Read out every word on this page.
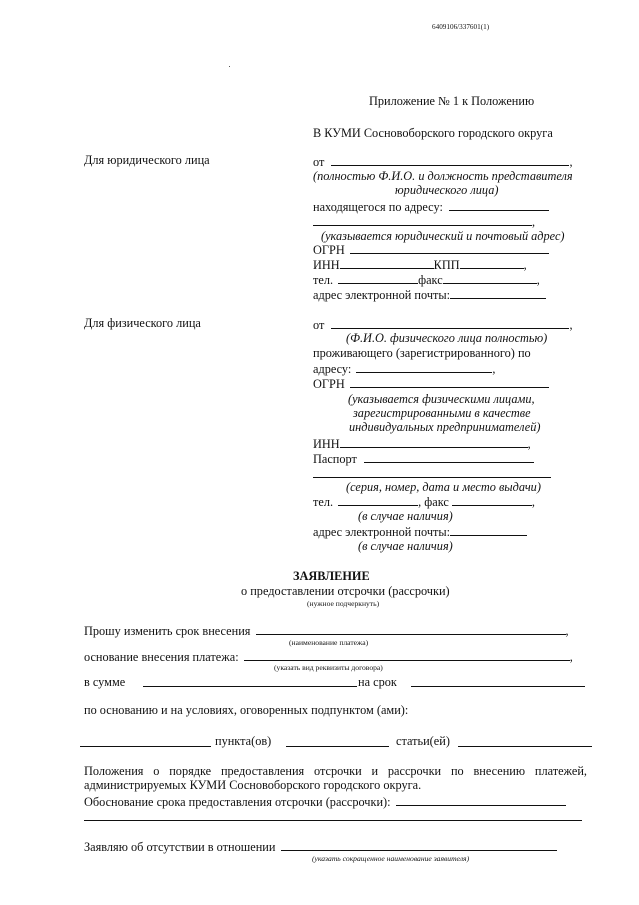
6409106/337601(1)
Приложение № 1 к Положению
В КУМИ Сосновоборского городского округа
Для юридического лица	от	,
(полностью Ф.И.О. и должность представителя
юридического лица)
находящегося по адресу:
,
(указывается юридический и почтовый адрес)
ОГРН
ИНН	КПП	,
тел.	факс	,
адрес электронной почты:
Для физического лица	от	,
(Ф.И.О. физического лица полностью)
проживающего (зарегистрированного) по
адресу:	,
ОГРН
(указывается физическими лицами,
зарегистрированными в качестве
индивидуальных предпринимателей)
ИНН	,
Паспорт
(серия, номер, дата и место выдачи)
тел.	, факс	,
(в случае наличия)
адрес электронной почты:
(в случае наличия)
ЗАЯВЛЕНИЕ
о предоставлении отсрочки (рассрочки)
(нужное подчеркнуть)
Прошу изменить срок внесения	,
(наименование платежа)
основание внесения платежа:	,
(указать вид реквизиты договора)
в сумме	на срок
по основанию и на условиях, оговоренных подпунктом (ами):
пункта(ов)	статьи(ей)
Положения о порядке предоставления отсрочки и рассрочки по внесению платежей,
администрируемых КУМИ Сосновоборского городского округа.
Обоснование срока предоставления отсрочки (рассрочки):
Заявляю об отсутствии в отношении
(указать сокращенное наименование заявителя)
